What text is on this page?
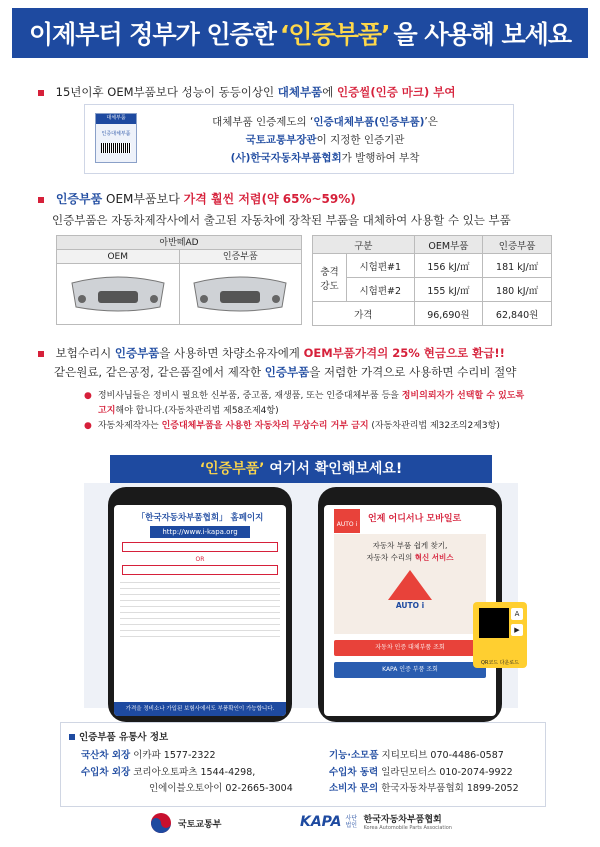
이제부터 정부가 인증한 ‘인증부품’ 을 사용해 보세요
15년이후 OEM부품보다 성능이 동등이상인 대체부품에 인증씰(인증 마크) 부여
대체부품
인증대체부품
대체부품 인증제도의 ‘인증대체부품(인증부품)’은
국토교통부장관이 지정한 인증기관
(사)한국자동차부품협회가 발행하여 부착
인증부품 OEM부품보다 가격 훨씬 저렴(약 65%~59%)
인증부품은 자동차제작사에서 출고된 자동차에 장착된 부품을 대체하여 사용할 수 있는 부품
아반떼AD
OEM	인증부품
구분		OEM부품	인증부품
충격 강도	시험편#1	156 kJ/㎡	181 kJ/㎡
	시험편#2	155 kJ/㎡	180 kJ/㎡
가격		96,690원	62,840원
보험수리시 인증부품을 사용하면 차량소유자에게 OEM부품가격의 25% 현금으로 환급!!
같은원료, 같은공정, 같은품질에서 제작한 인증부품을 저렴한 가격으로 사용하면 수리비 절약
● 정비사님들은 정비시 필요한 신부품, 중고품, 재생품, 또는 인증대체부품 등을 정비의뢰자가 선택할 수 있도록
고지해야 합니다.(자동차관리법 제58조제4항)
● 자동차제작자는 인증대체부품을 사용한 자동차의 무상수리 거부 금지 (자동차관리법 제32조의2제3항)
‘인증부품’ 여기서 확인해보세요!
「한국자동차부품협회」 홈페이지
http://www.i-kapa.org
OR
가격을 정비소나 가입된 보험사에서도 부품확인이 가능합니다.
AUTO i
언제 어디서나 모바일로
자동차 부품 쉽게 찾기,
자동차 수리의 혁신 서비스
AUTO i
자동차 인증 대체부품 조회
KAPA 인증 부품 조회
A
▶
QR코드 다운로드
인증부품 유통사 정보
국산차 외장 이카파 1577-2322
수입차 외장 코리아오토파츠 1544-4298,
인에이블오토아이 02-2665-3004
기능·소모품 지티모티브 070-4486-0587
수입차 동력 일라딘모터스 010-2074-9922
소비자 문의 한국자동차부품협회 1899-2052
국토교통부	KAPA 사단 법인 한국자동차부품협회
Korea Automobile Parts Association
